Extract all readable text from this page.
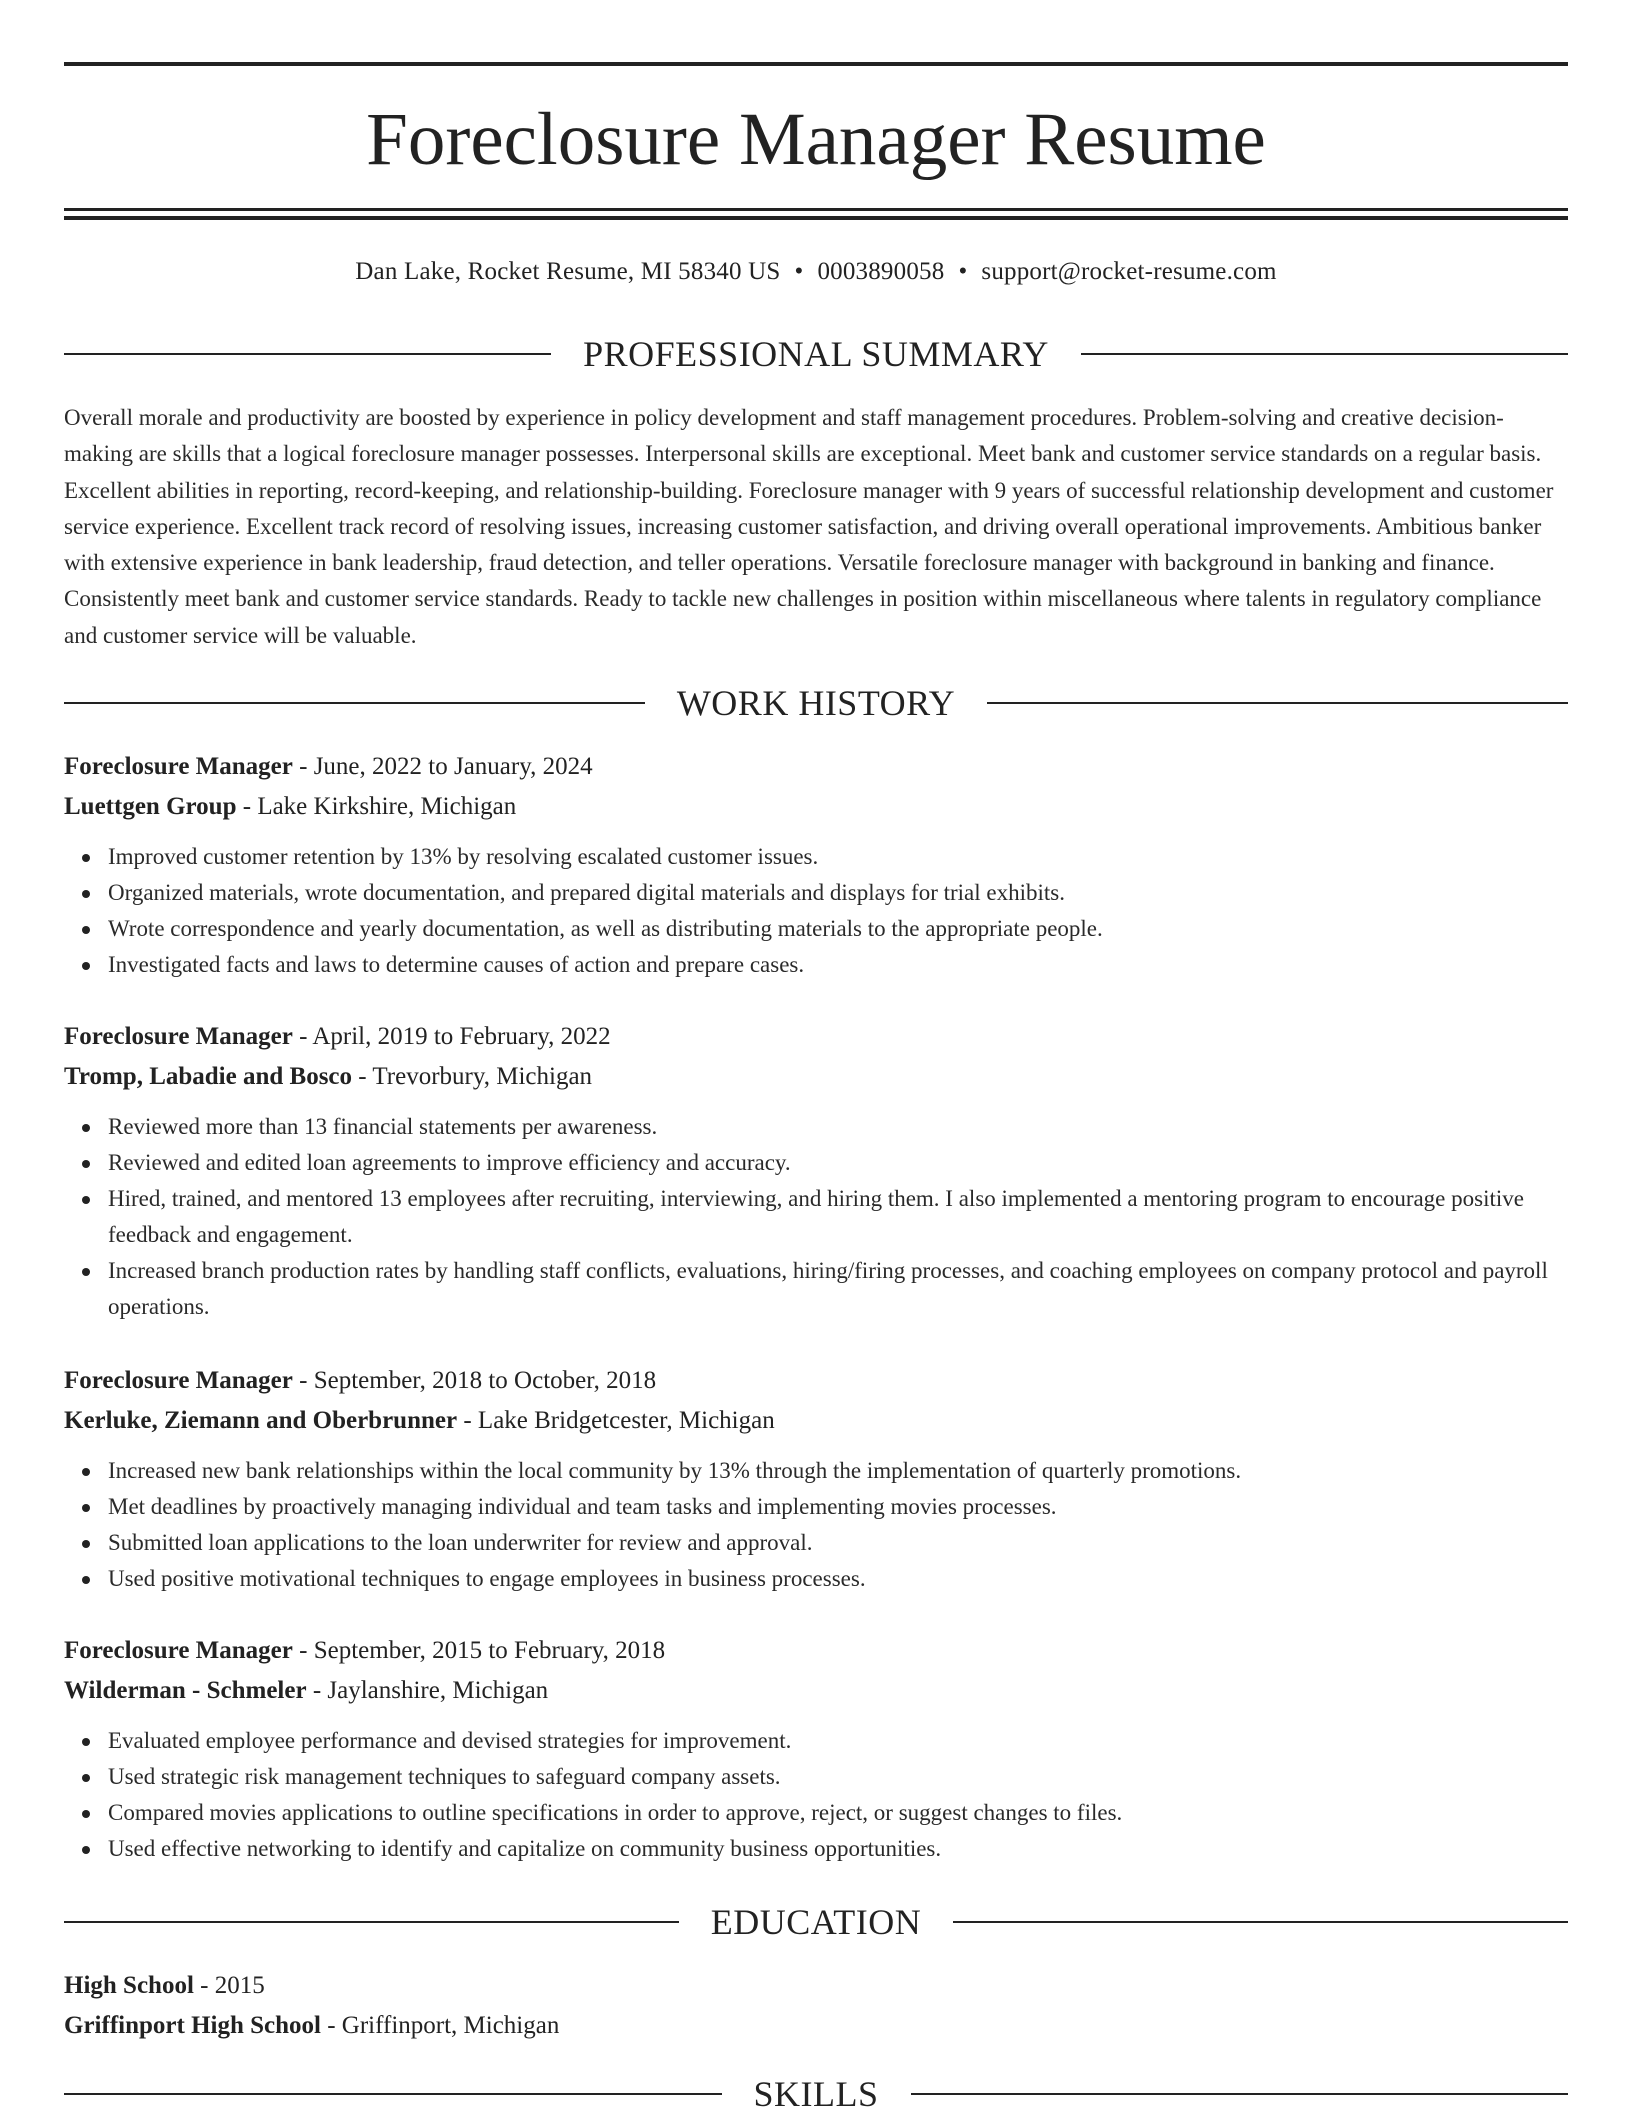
Foreclosure Manager Resume
Dan Lake, Rocket Resume, MI 58340 US • 0003890058 • support@rocket-resume.com
PROFESSIONAL SUMMARY

Overall morale and productivity are boosted by experience in policy development and staff management procedures. Problem-solving and creative decision-making are skills that a logical foreclosure manager possesses. Interpersonal skills are exceptional. Meet bank and customer service standards on a regular basis. Excellent abilities in reporting, record-keeping, and relationship-building. Foreclosure manager with 9 years of successful relationship development and customer service experience. Excellent track record of resolving issues, increasing customer satisfaction, and driving overall operational improvements. Ambitious banker with extensive experience in bank leadership, fraud detection, and teller operations. Versatile foreclosure manager with background in banking and finance. Consistently meet bank and customer service standards. Ready to tackle new challenges in position within miscellaneous where talents in regulatory compliance and customer service will be valuable.

WORK HISTORY
Foreclosure Manager - June, 2022 to January, 2024
Luettgen Group - Lake Kirkshire, Michigan
Improved customer retention by 13% by resolving escalated customer issues.
Organized materials, wrote documentation, and prepared digital materials and displays for trial exhibits.
Wrote correspondence and yearly documentation, as well as distributing materials to the appropriate people.
Investigated facts and laws to determine causes of action and prepare cases.
Foreclosure Manager - April, 2019 to February, 2022
Tromp, Labadie and Bosco - Trevorbury, Michigan
Reviewed more than 13 financial statements per awareness.
Reviewed and edited loan agreements to improve efficiency and accuracy.
Hired, trained, and mentored 13 employees after recruiting, interviewing, and hiring them. I also implemented a mentoring program to encourage positive feedback and engagement.
Increased branch production rates by handling staff conflicts, evaluations, hiring/firing processes, and coaching employees on company protocol and payroll operations.
Foreclosure Manager - September, 2018 to October, 2018
Kerluke, Ziemann and Oberbrunner - Lake Bridgetcester, Michigan
Increased new bank relationships within the local community by 13% through the implementation of quarterly promotions.
Met deadlines by proactively managing individual and team tasks and implementing movies processes.
Submitted loan applications to the loan underwriter for review and approval.
Used positive motivational techniques to engage employees in business processes.
Foreclosure Manager - September, 2015 to February, 2018
Wilderman - Schmeler - Jaylanshire, Michigan
Evaluated employee performance and devised strategies for improvement.
Used strategic risk management techniques to safeguard company assets.
Compared movies applications to outline specifications in order to approve, reject, or suggest changes to files.
Used effective networking to identify and capitalize on community business opportunities.
EDUCATION
High School - 2015
Griffinport High School - Griffinport, Michigan
SKILLS
